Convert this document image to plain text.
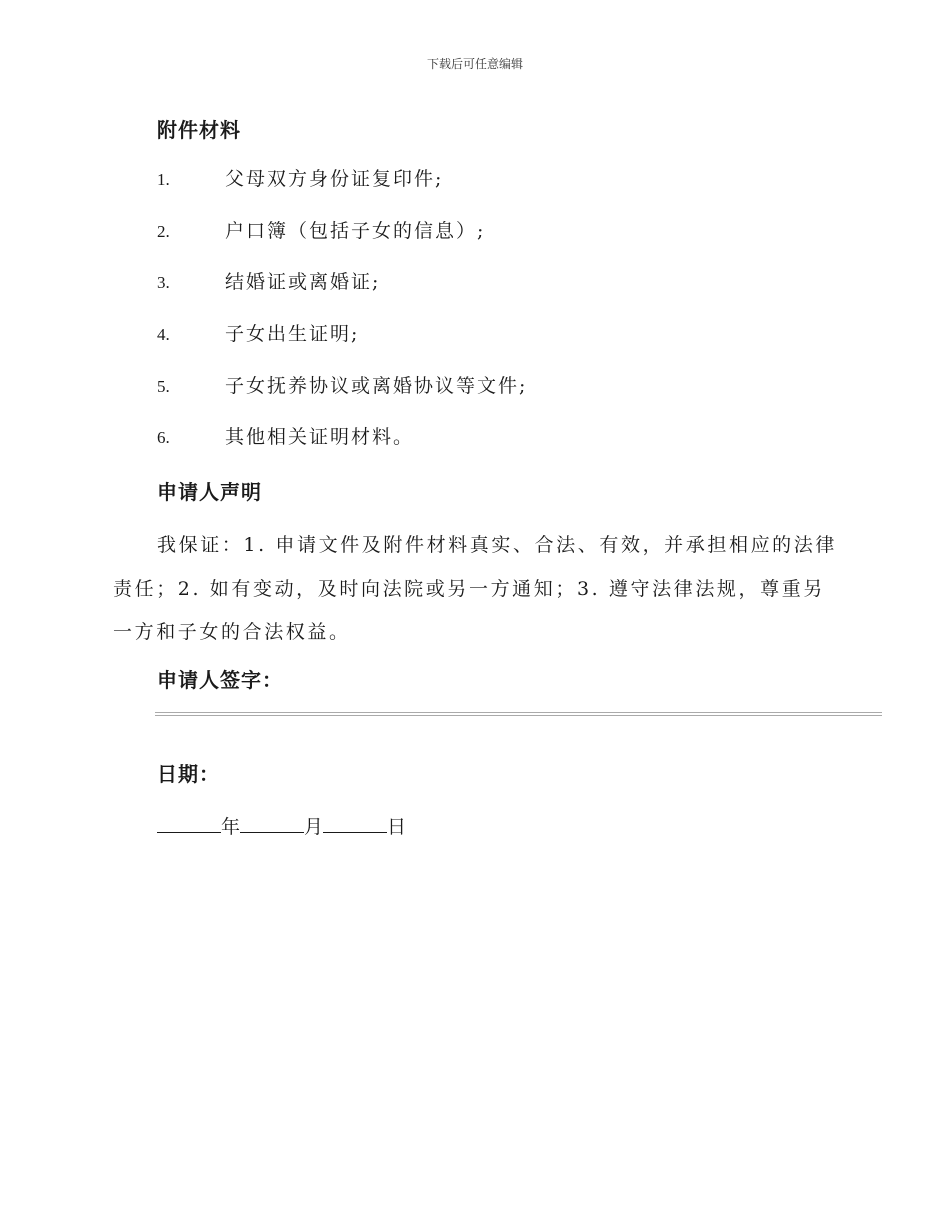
下载后可任意编辑
附件材料
1.	父母双方身份证复印件;
2.	户口簿（包括子女的信息）;
3.	结婚证或离婚证;
4.	子女出生证明;
5.	子女抚养协议或离婚协议等文件;
6.	其他相关证明材料。
申请人声明
我保证：1. 申请文件及附件材料真实、合法、有效，并承担相应的法律责任；2. 如有变动，及时向法院或另一方通知；3. 遵守法律法规，尊重另一方和子女的合法权益。
申请人签字：
日期：
年	月	日
